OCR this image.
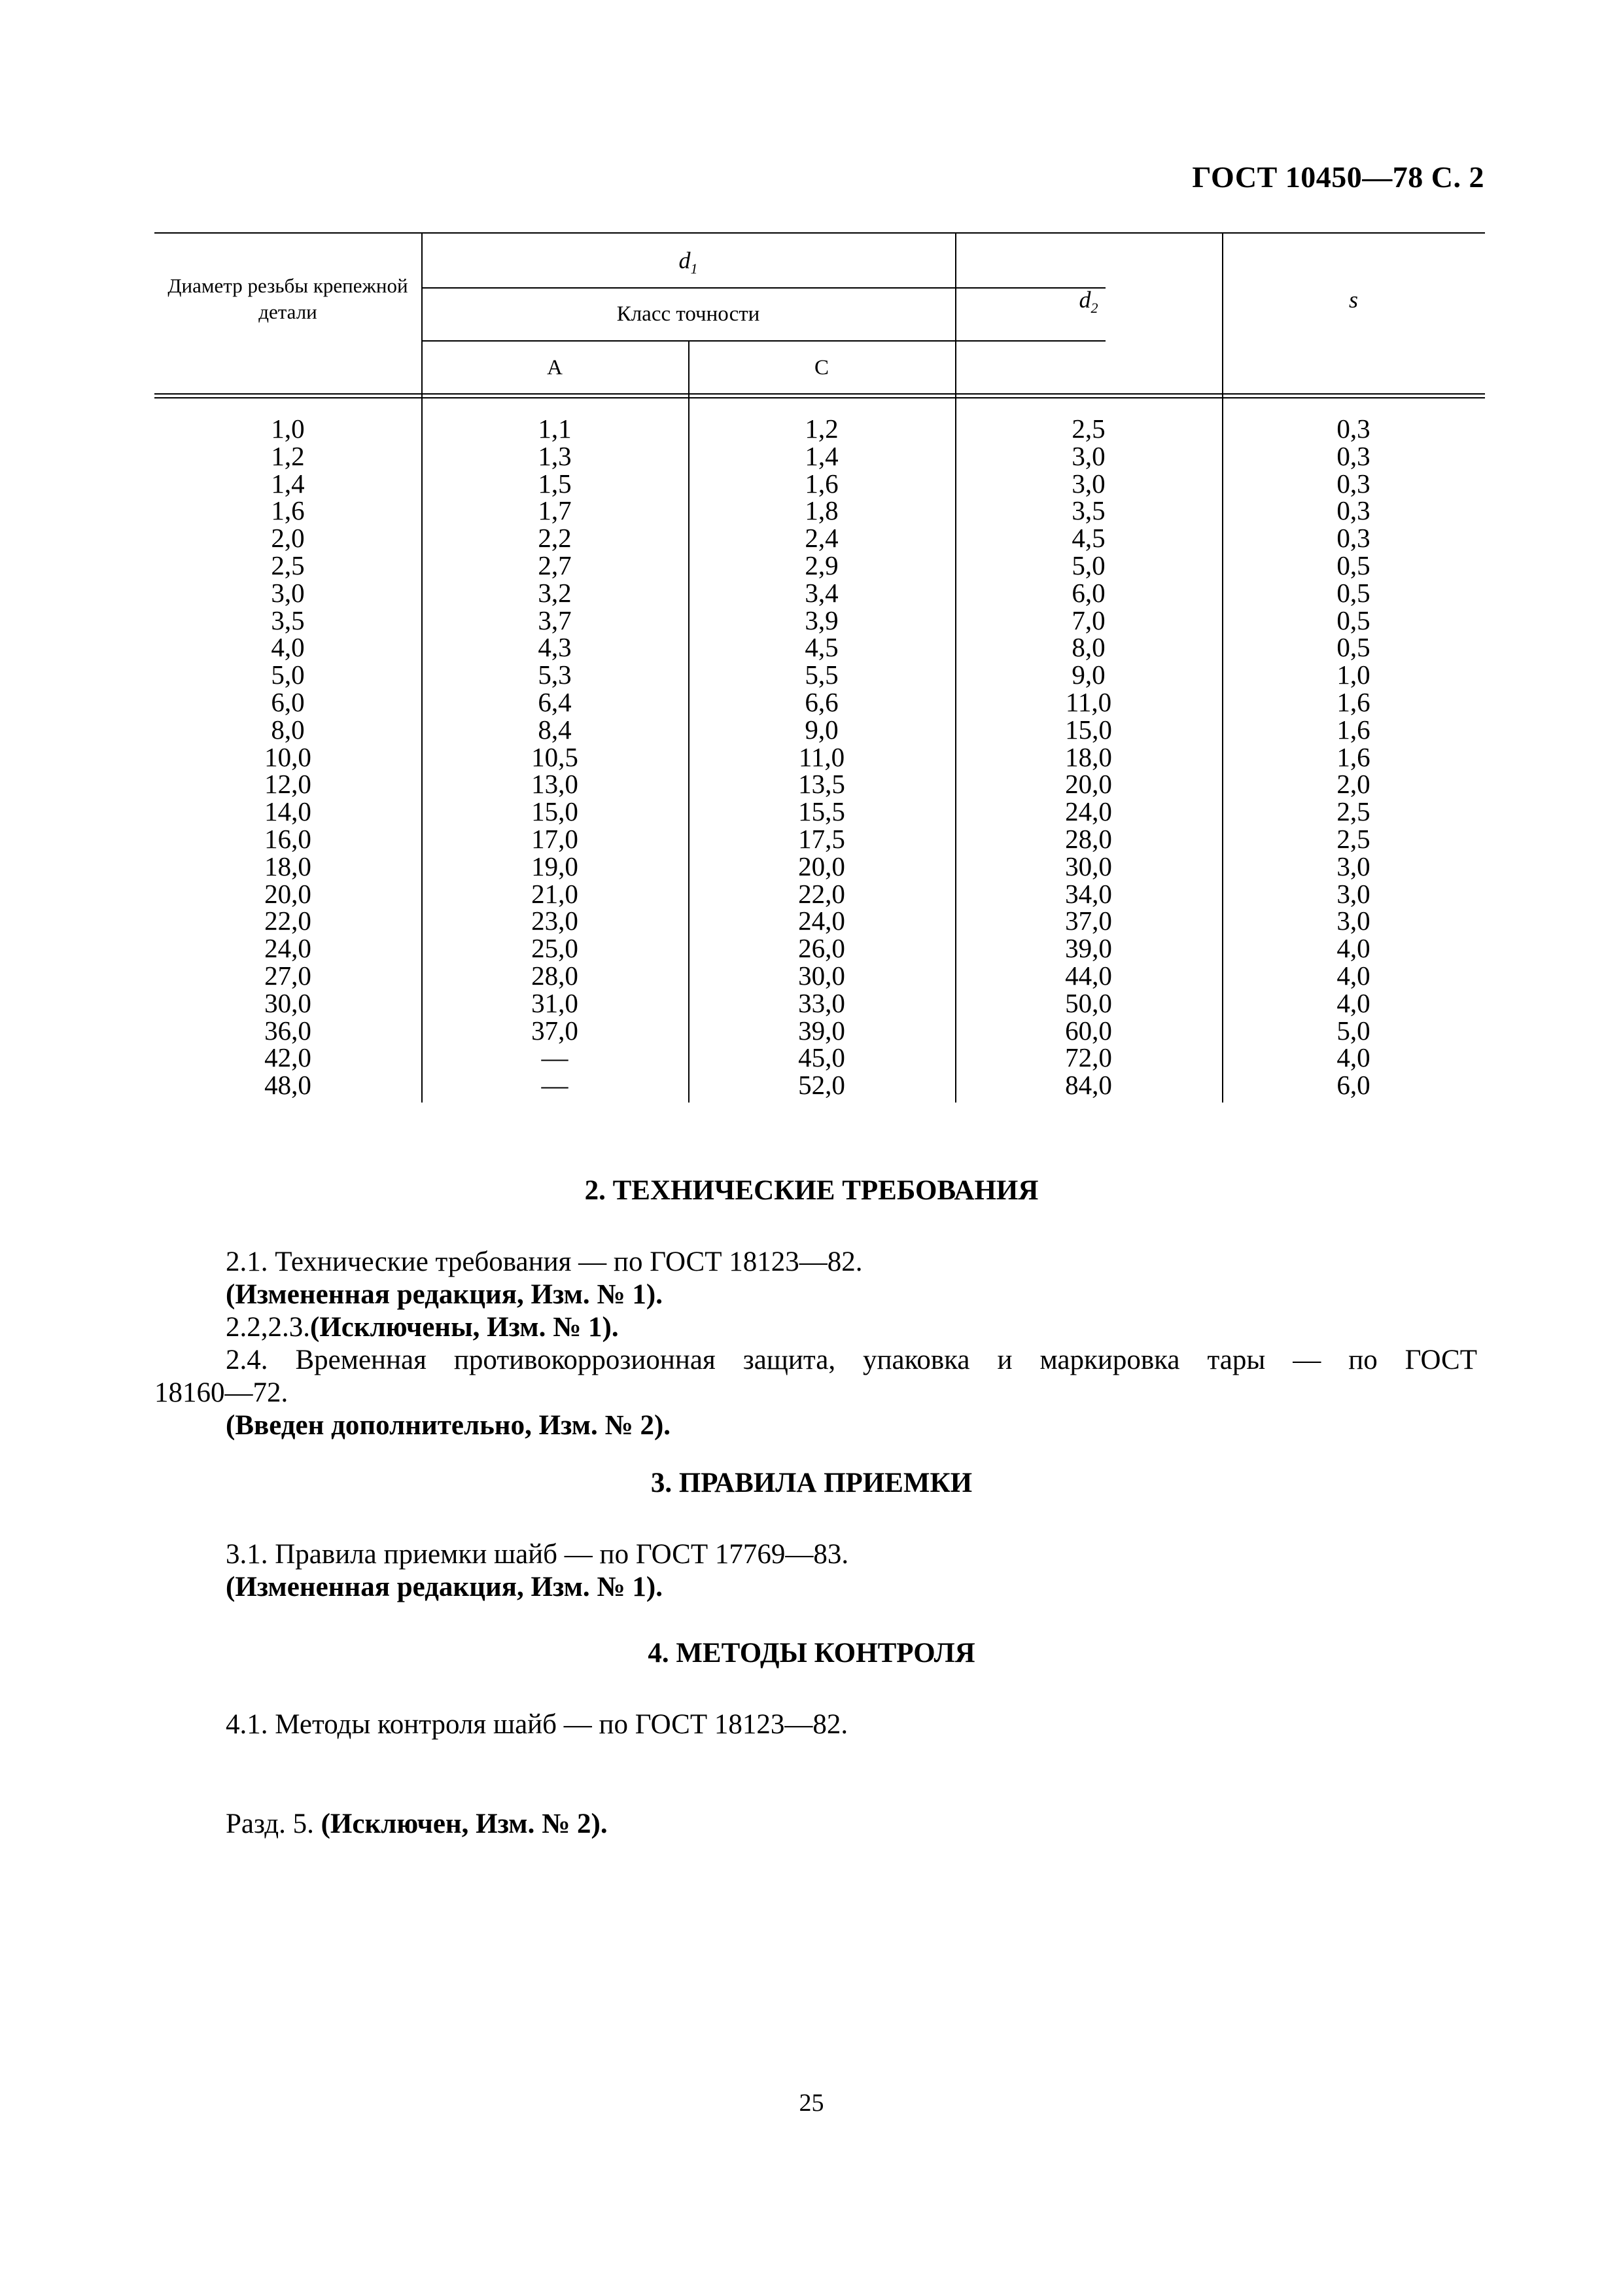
ГОСТ 10450—78 С. 2
Диаметр резьбы крепежной детали
$d_1$
Класс точности
А	С
$d_2$	s
1,0
1,2
1,4
1,6
2,0
2,5
3,0
3,5
4,0
5,0
6,0
8,0
10,0
12,0
14,0
16,0
18,0
20,0
22,0
24,0
27,0
30,0
36,0
42,0
48,0
1,1
1,3
1,5
1,7
2,2
2,7
3,2
3,7
4,3
5,3
6,4
8,4
10,5
13,0
15,0
17,0
19,0
21,0
23,0
25,0
28,0
31,0
37,0
—
—
1,2
1,4
1,6
1,8
2,4
2,9
3,4
3,9
4,5
5,5
6,6
9,0
11,0
13,5
15,5
17,5
20,0
22,0
24,0
26,0
30,0
33,0
39,0
45,0
52,0
2,5
3,0
3,0
3,5
4,5
5,0
6,0
7,0
8,0
9,0
11,0
15,0
18,0
20,0
24,0
28,0
30,0
34,0
37,0
39,0
44,0
50,0
60,0
72,0
84,0
0,3
0,3
0,3
0,3
0,3
0,5
0,5
0,5
0,5
1,0
1,6
1,6
1,6
2,0
2,5
2,5
3,0
3,0
3,0
4,0
4,0
4,0
5,0
4,0
6,0
2. ТЕХНИЧЕСКИЕ ТРЕБОВАНИЯ
2.1. Технические требования — по ГОСТ 18123—82.
(Измененная редакция, Изм. № 1).
2.2,2.3.(Исключены, Изм. № 1).
2.4. Временная противокоррозионная защита, упаковка и маркировка тары — по ГОСТ
18160—72.
(Введен дополнительно, Изм. № 2).
3. ПРАВИЛА ПРИЕМКИ
3.1. Правила приемки шайб — по ГОСТ 17769—83.
(Измененная редакция, Изм. № 1).
4. МЕТОДЫ КОНТРОЛЯ
4.1. Методы контроля шайб — по ГОСТ 18123—82.
Разд. 5. (Исключен, Изм. № 2).
25
